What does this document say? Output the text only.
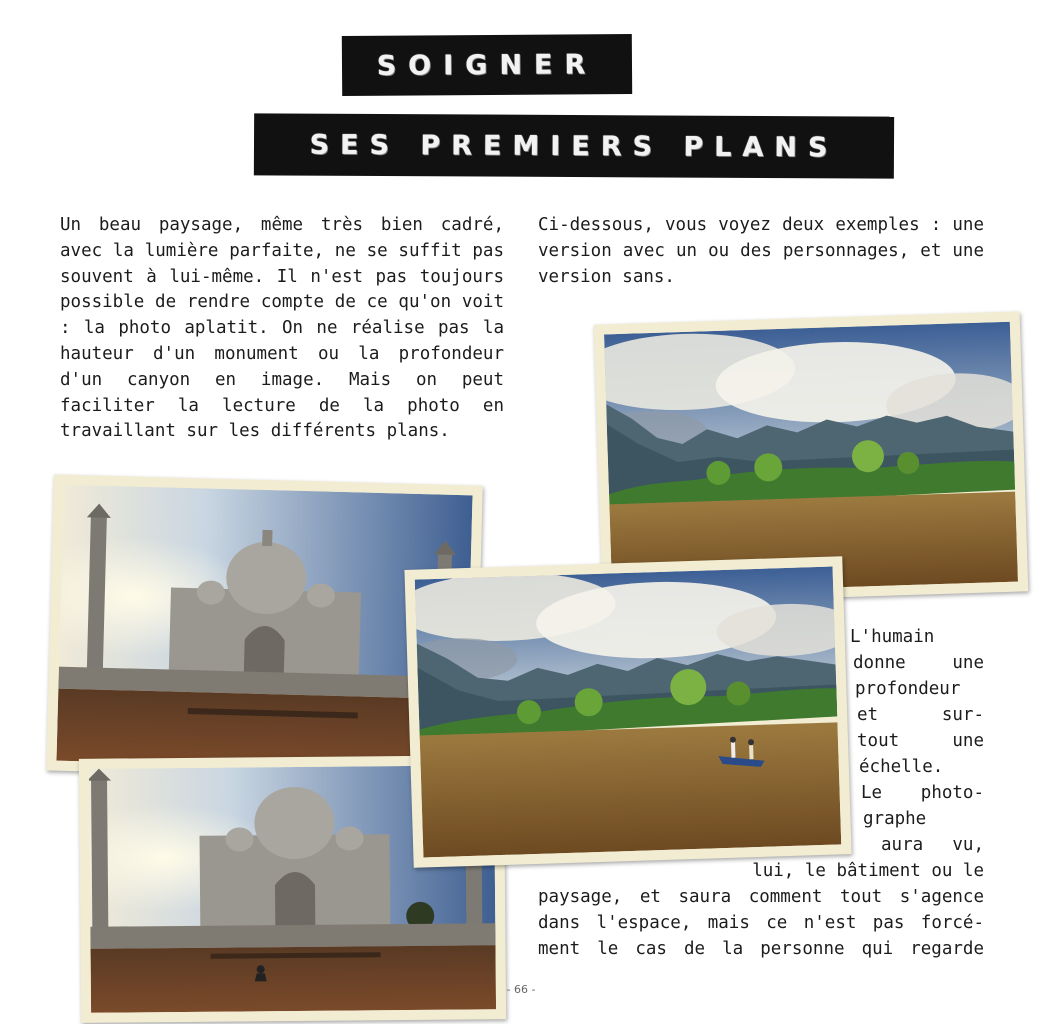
SOIGNER
SES PREMIERS PLANS

Un beau paysage, même très bien cadré, avec la lumière parfaite, ne se suffit pas souvent à lui-même. Il n'est pas toujours possible de rendre compte de ce qu'on voit : la photo aplatit. On ne réalise pas la hauteur d'un monument ou la profondeur d'un canyon en image. Mais on peut faciliter la lecture de la photo en travaillant sur les différents plans.

Ci-dessous, vous voyez deux exemples : une version avec un ou des personnages, et une version sans.

L'humain
donne une
profondeur
et sur-
tout une
échelle.
Le photo-
graphe
aura vu,
lui, le bâtiment ou le
paysage, et saura comment tout s'agence
dans l'espace, mais ce n'est pas forcé-
ment le cas de la personne qui regarde
- 66 -
